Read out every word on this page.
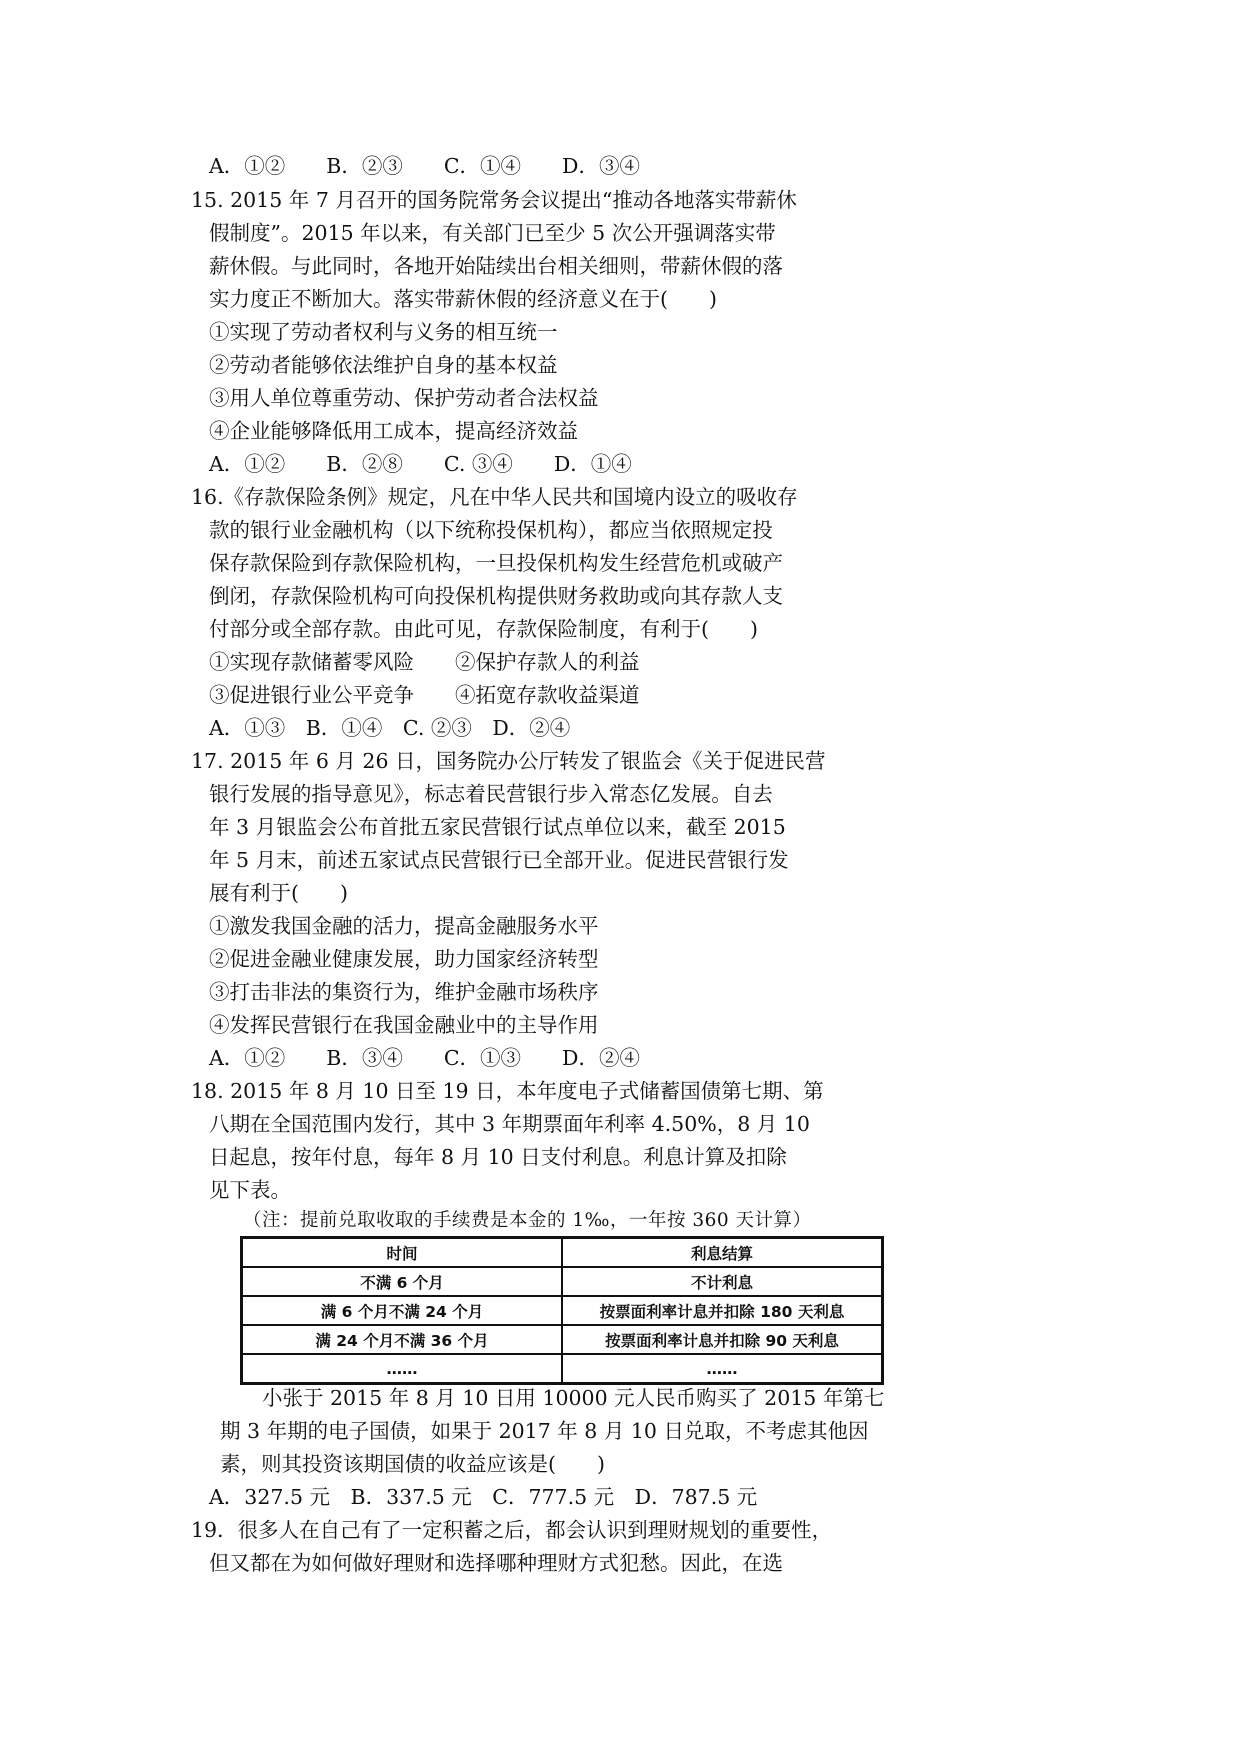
A．①②　　B．②③　　C．①④　　D．③④
15. 2015 年 7 月召开的国务院常务会议提出“推动各地落实带薪休
假制度”。2015 年以来，有关部门已至少 5 次公开强调落实带
薪休假。与此同时，各地开始陆续出台相关细则，带薪休假的落
实力度正不断加大。落实带薪休假的经济意义在于(　　)
①实现了劳动者权利与义务的相互统一
②劳动者能够依法维护自身的基本权益
③用人单位尊重劳动、保护劳动者合法权益
④企业能够降低用工成本，提高经济效益
A．①②　　B．②⑧　　C. ③④　　D．①④
16.《存款保险条例》规定，凡在中华人民共和国境内设立的吸收存
款的银行业金融机构（以下统称投保机构），都应当依照规定投
保存款保险到存款保险机构，一旦投保机构发生经营危机或破产
倒闭，存款保险机构可向投保机构提供财务救助或向其存款人支
付部分或全部存款。由此可见，存款保险制度，有利于(　　)
①实现存款储蓄零风险　　②保护存款人的利益
③促进银行业公平竞争　　④拓宽存款收益渠道
A．①③　B．①④　C. ②③　D．②④
17. 2015 年 6 月 26 日，国务院办公厅转发了银监会《关于促进民营
银行发展的指导意见》，标志着民营银行步入常态亿发展。自去
年 3 月银监会公布首批五家民营银行试点单位以来，截至 2015
年 5 月末，前述五家试点民营银行已全部开业。促进民营银行发
展有利于(　　)
①激发我国金融的活力，提高金融服务水平
②促进金融业健康发展，助力国家经济转型
③打击非法的集资行为，维护金融市场秩序
④发挥民营银行在我国金融业中的主导作用
A．①②　　B．③④　　C．①③　　D．②④
18. 2015 年 8 月 10 日至 19 日，本年度电子式储蓄国债第七期、第
八期在全国范围内发行，其中 3 年期票面年利率 4.50%，8 月 10
日起息，按年付息，每年 8 月 10 日支付利息。利息计算及扣除
见下表。
小张于 2015 年 8 月 10 日用 10000 元人民币购买了 2015 年第七
期 3 年期的电子国债，如果于 2017 年 8 月 10 日兑取，不考虑其他因
素，则其投资该期国债的收益应该是(　　)
A．327.5 元　B．337.5 元　C．777.5 元　D．787.5 元
19．很多人在自己有了一定积蓄之后，都会认识到理财规划的重要性，
但又都在为如何做好理财和选择哪种理财方式犯愁。因此，在选
（注：提前兑取收取的手续费是本金的 1‰，一年按 360 天计算）
时间	利息结算
不满 6 个月	不计利息
满 6 个月不满 24 个月	按票面利率计息并扣除 180 天利息
满 24 个月不满 36 个月	按票面利率计息并扣除 90 天利息
……	……
